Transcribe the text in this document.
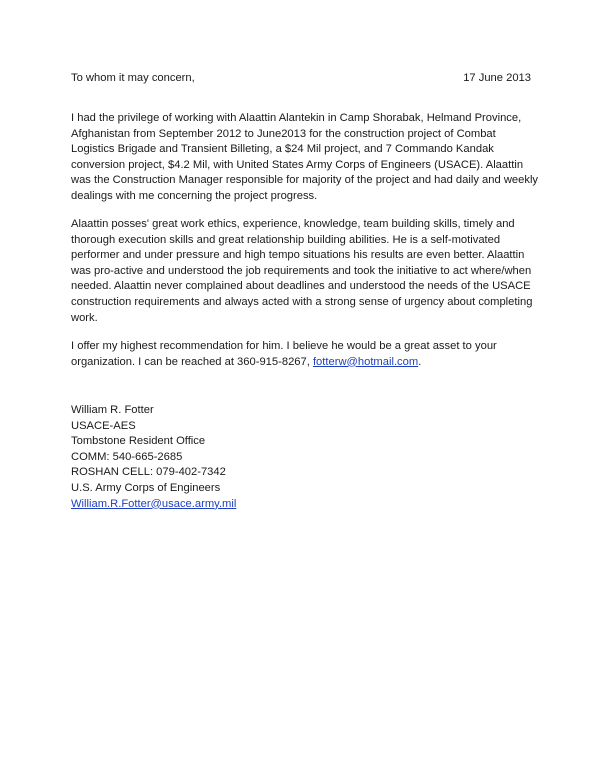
To whom it may concern,	17 June 2013

I had the privilege of working with Alaattin Alantekin in Camp Shorabak, Helmand Province, Afghanistan from September 2012 to June2013 for the construction project of Combat Logistics Brigade and Transient Billeting, a $24 Mil project, and 7 Commando Kandak conversion project, $4.2 Mil, with United States Army Corps of Engineers (USACE). Alaattin was the Construction Manager responsible for majority of the project and had daily and weekly dealings with me concerning the project progress.

Alaattin posses' great work ethics, experience, knowledge, team building skills, timely and thorough execution skills and great relationship building abilities. He is a self-motivated performer and under pressure and high tempo situations his results are even better. Alaattin was pro-active and understood the job requirements and took the initiative to act where/when needed. Alaattin never complained about deadlines and understood the needs of the USACE construction requirements and always acted with a strong sense of urgency about completing work.

I offer my highest recommendation for him. I believe he would be a great asset to your organization. I can be reached at 360-915-8267, fotterw@hotmail.com.

William R. Fotter
USACE-AES
Tombstone Resident Office
COMM: 540-665-2685
ROSHAN CELL: 079-402-7342
U.S. Army Corps of Engineers
William.R.Fotter@usace.army.mil
